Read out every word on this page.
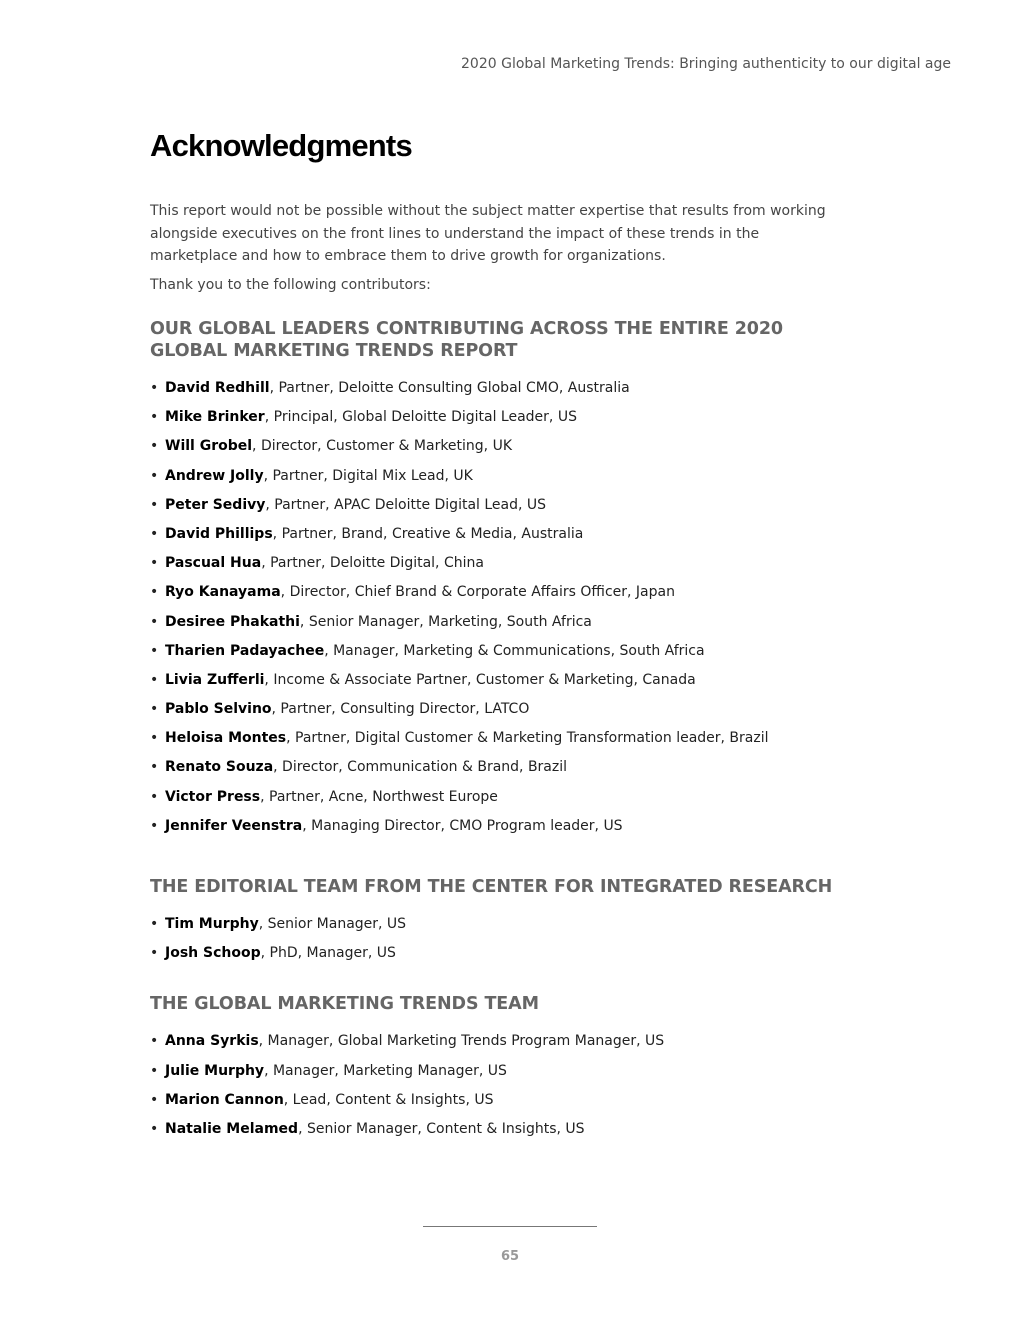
2020 Global Marketing Trends: Bringing authenticity to our digital age
Acknowledgments

This report would not be possible without the subject matter expertise that results from working alongside executives on the front lines to understand the impact of these trends in the marketplace and how to embrace them to drive growth for organizations.

Thank you to the following contributors:

OUR GLOBAL LEADERS CONTRIBUTING ACROSS THE ENTIRE 2020 GLOBAL MARKETING TRENDS REPORT
• David Redhill, Partner, Deloitte Consulting Global CMO, Australia
• Mike Brinker, Principal, Global Deloitte Digital Leader, US
• Will Grobel, Director, Customer & Marketing, UK
• Andrew Jolly, Partner, Digital Mix Lead, UK
• Peter Sedivy, Partner, APAC Deloitte Digital Lead, US
• David Phillips, Partner, Brand, Creative & Media, Australia
• Pascual Hua, Partner, Deloitte Digital, China
• Ryo Kanayama, Director, Chief Brand & Corporate Affairs Officer, Japan
• Desiree Phakathi, Senior Manager, Marketing, South Africa
• Tharien Padayachee, Manager, Marketing & Communications, South Africa
• Livia Zufferli, Income & Associate Partner, Customer & Marketing, Canada
• Pablo Selvino, Partner, Consulting Director, LATCO
• Heloisa Montes, Partner, Digital Customer & Marketing Transformation leader, Brazil
• Renato Souza, Director, Communication & Brand, Brazil
• Victor Press, Partner, Acne, Northwest Europe
• Jennifer Veenstra, Managing Director, CMO Program leader, US
THE EDITORIAL TEAM FROM THE CENTER FOR INTEGRATED RESEARCH
• Tim Murphy, Senior Manager, US
• Josh Schoop, PhD, Manager, US
THE GLOBAL MARKETING TRENDS TEAM
• Anna Syrkis, Manager, Global Marketing Trends Program Manager, US
• Julie Murphy, Manager, Marketing Manager, US
• Marion Cannon, Lead, Content & Insights, US
• Natalie Melamed, Senior Manager, Content & Insights, US
65
